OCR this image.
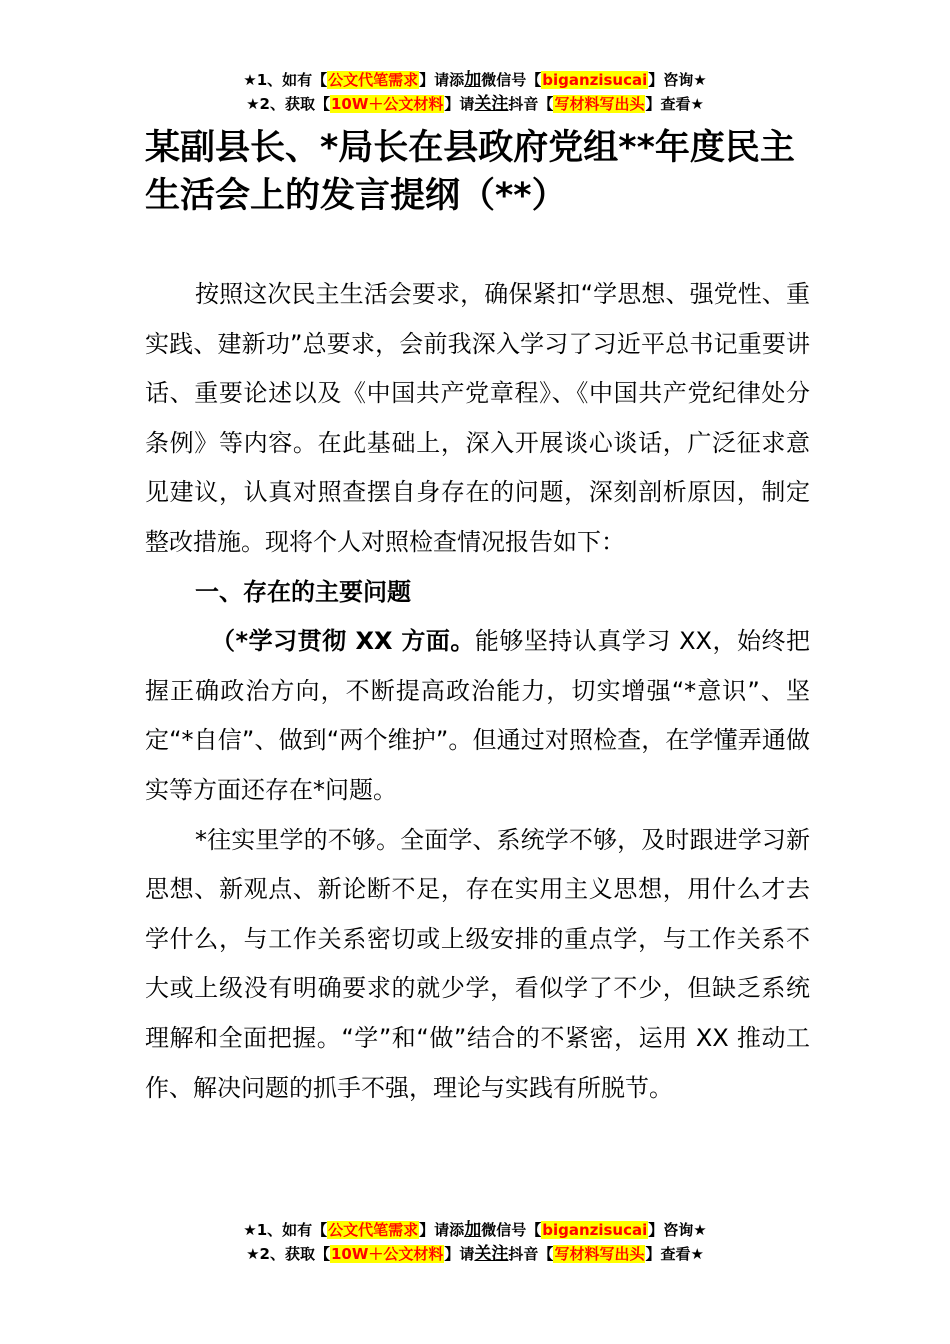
★1、如有【公文代笔需求】请添加微信号【biganzisucai】咨询★
★2、获取【10W＋公文材料】请关注抖音【写材料写出头】查看★
某副县长、*局长在县政府党组**年度民主生活会上的发言提纲（**）

按照这次民主生活会要求，确保紧扣“学思想、强党性、重实践、建新功”总要求，会前我深入学习了习近平总书记重要讲话、重要论述以及《中国共产党章程》、《中国共产党纪律处分条例》等内容。在此基础上，深入开展谈心谈话，广泛征求意见建议，认真对照查摆自身存在的问题，深刻剖析原因，制定整改措施。现将个人对照检查情况报告如下：

一、存在的主要问题

（*学习贯彻 XX 方面。能够坚持认真学习 XX，始终把握正确政治方向，不断提高政治能力，切实增强“*意识”、坚定“*自信”、做到“两个维护”。但通过对照检查，在学懂弄通做实等方面还存在*问题。

*往实里学的不够。全面学、系统学不够，及时跟进学习新思想、新观点、新论断不足，存在实用主义思想，用什么才去学什么，与工作关系密切或上级安排的重点学，与工作关系不大或上级没有明确要求的就少学，看似学了不少，但缺乏系统理解和全面把握。“学”和“做”结合的不紧密，运用 XX 推动工作、解决问题的抓手不强，理论与实践有所脱节。

★1、如有【公文代笔需求】请添加微信号【biganzisucai】咨询★
★2、获取【10W＋公文材料】请关注抖音【写材料写出头】查看★
